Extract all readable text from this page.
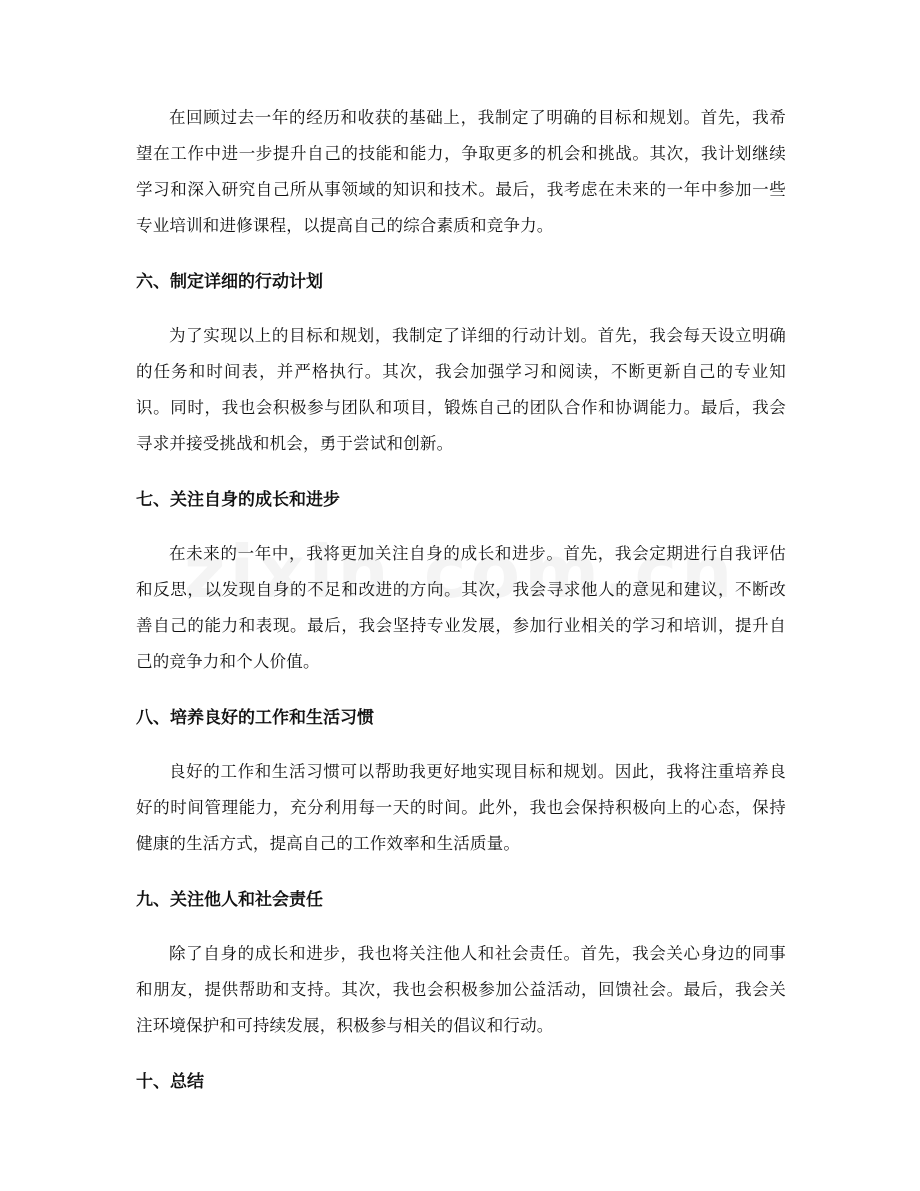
在回顾过去一年的经历和收获的基础上，我制定了明确的目标和规划。首先，我希望在工作中进一步提升自己的技能和能力，争取更多的机会和挑战。其次，我计划继续学习和深入研究自己所从事领域的知识和技术。最后，我考虑在未来的一年中参加一些专业培训和进修课程，以提高自己的综合素质和竞争力。

六、制定详细的行动计划

为了实现以上的目标和规划，我制定了详细的行动计划。首先，我会每天设立明确的任务和时间表，并严格执行。其次，我会加强学习和阅读，不断更新自己的专业知识。同时，我也会积极参与团队和项目，锻炼自己的团队合作和协调能力。最后，我会寻求并接受挑战和机会，勇于尝试和创新。

七、关注自身的成长和进步

在未来的一年中，我将更加关注自身的成长和进步。首先，我会定期进行自我评估和反思，以发现自身的不足和改进的方向。其次，我会寻求他人的意见和建议，不断改善自己的能力和表现。最后，我会坚持专业发展，参加行业相关的学习和培训，提升自己的竞争力和个人价值。

八、培养良好的工作和生活习惯

良好的工作和生活习惯可以帮助我更好地实现目标和规划。因此，我将注重培养良好的时间管理能力，充分利用每一天的时间。此外，我也会保持积极向上的心态，保持健康的生活方式，提高自己的工作效率和生活质量。

九、关注他人和社会责任

除了自身的成长和进步，我也将关注他人和社会责任。首先，我会关心身边的同事和朋友，提供帮助和支持。其次，我也会积极参加公益活动，回馈社会。最后，我会关注环境保护和可持续发展，积极参与相关的倡议和行动。

十、总结
